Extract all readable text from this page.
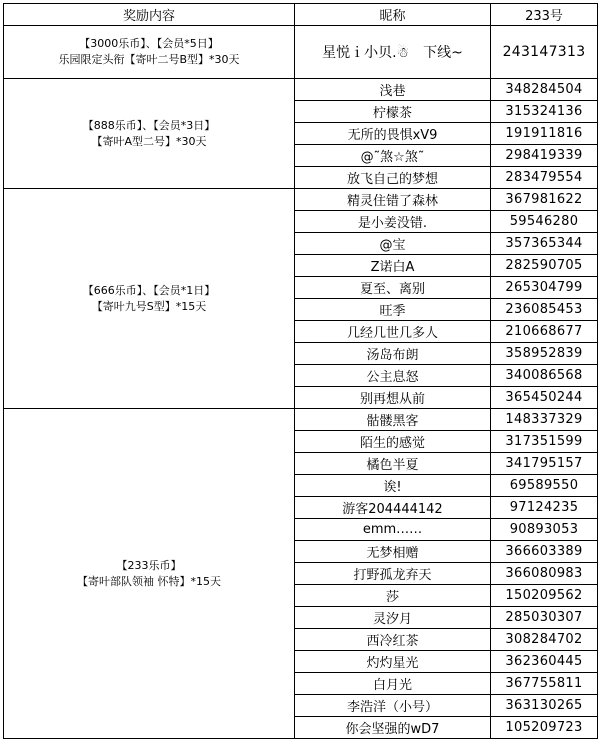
奖励内容	昵称	233号

【3000乐币】、【会员*5日】
乐园限定头衔【寄叶二号B型】*30天	星悦ｉ小贝.☃　下线~	243147313

【888乐币】、【会员*3日】
【寄叶A型二号】*30天	浅巷	348284504
	柠檬茶	315324136
	无所的畏惧xV9	191911816
	@˜煞☆煞˜	298419339
	放飞自己的梦想	283479554

【666乐币】、【会员*1日】
【寄叶九号S型】*15天	精灵住错了森林	367981622
	是小姜没错.	59546280
	@宝	357365344
	Z诺白A	282590705
	夏至、离别	265304799
	旺季	236085453
	几经几世几多人	210668677
	汤岛布朗	358952839
	公主息怒	340086568
	别再想从前	365450244

【233乐币】
【寄叶部队领袖 怀特】*15天	骷髅黑客	148337329
	陌生的感觉	317351599
	橘色半夏	341795157
	诶!	69589550
	游客204444142	97124235
	emm……	90893053
	无梦相赠	366603389
	打野孤龙弃天	366080983
	莎	150209562
	灵汐月	285030307
	西冷红茶	308284702
	灼灼星光	362360445
	白月光	367755811
	李浩洋（小号）	363130265
	你会坚强的wD7	105209723
